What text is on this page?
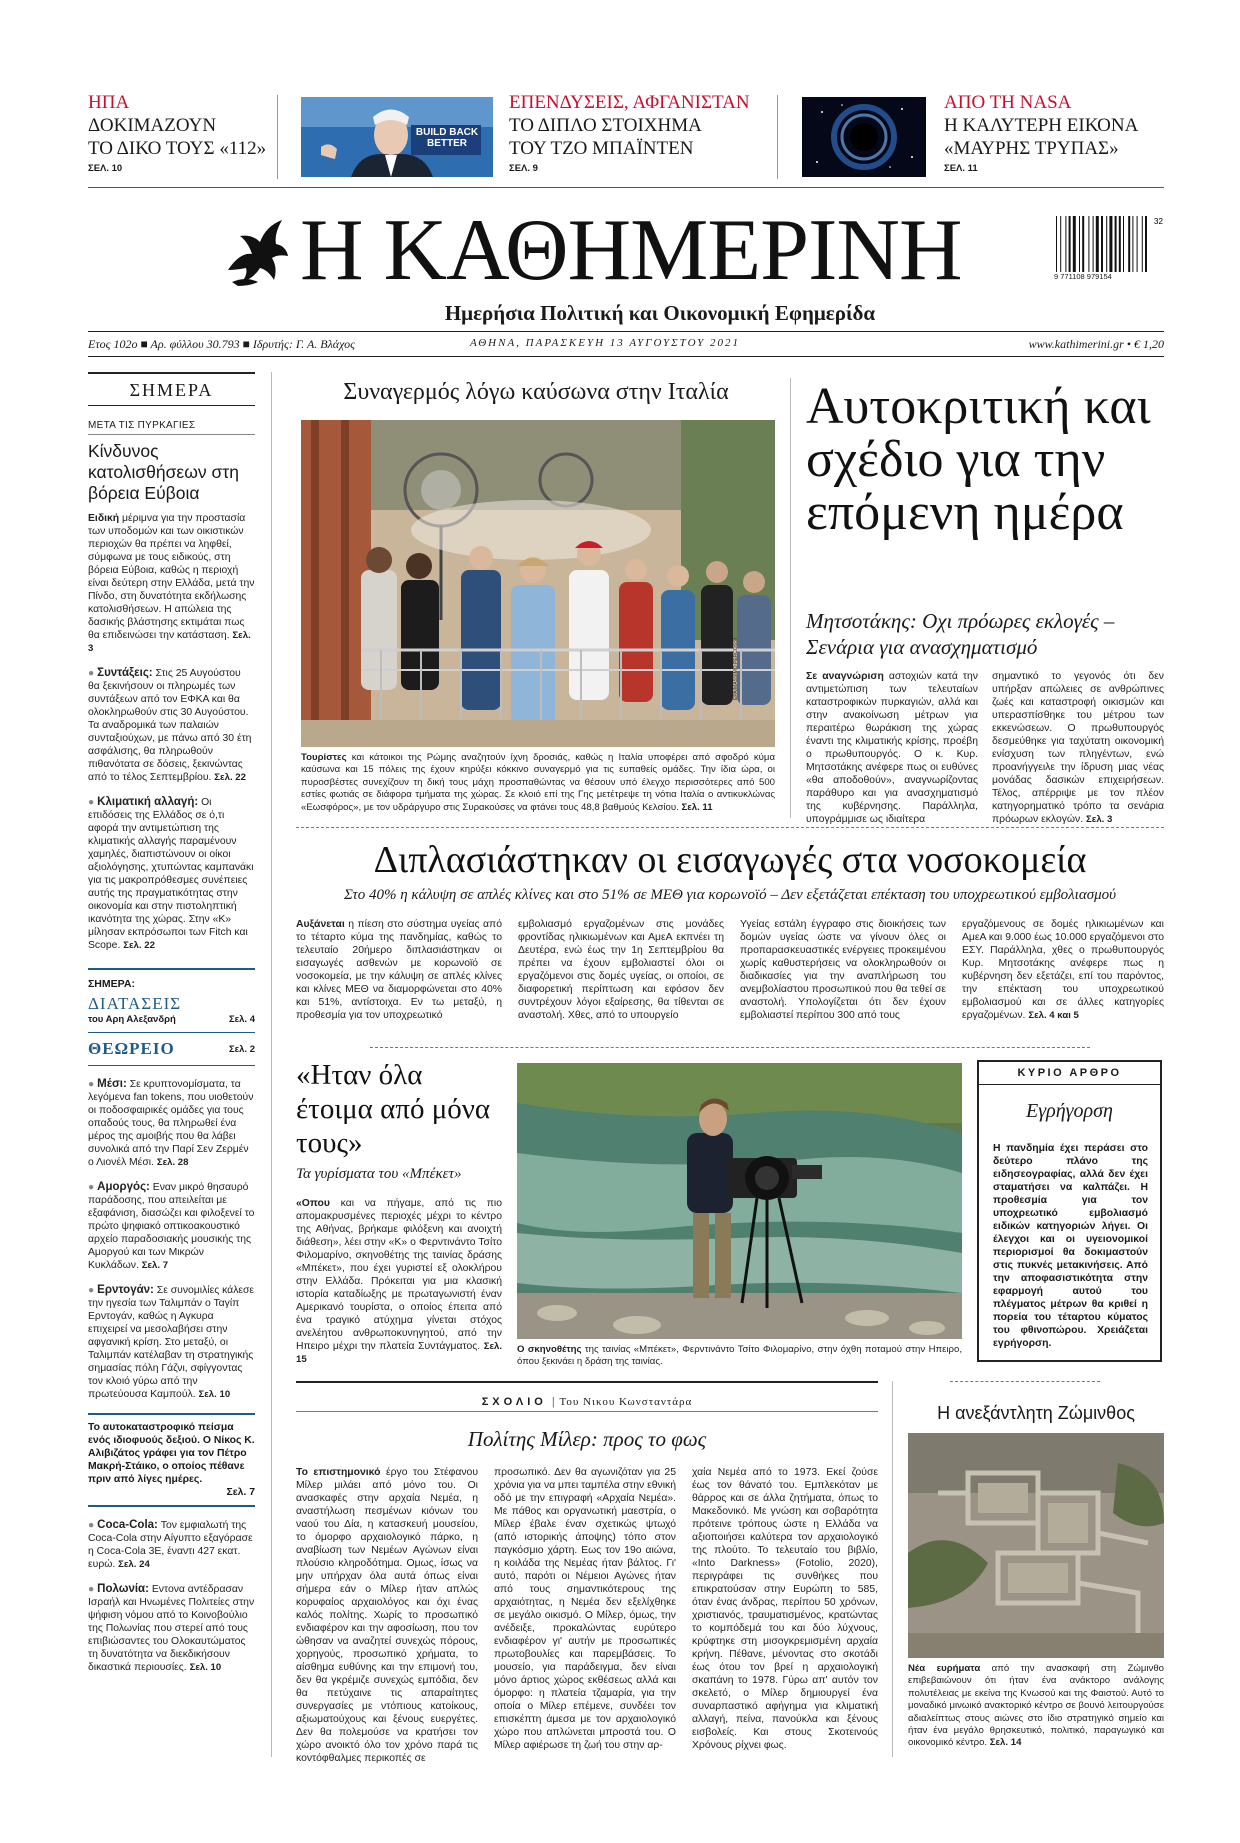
ΗΠΑ
ΔΟΚΙΜΑΖΟΥΝ
ΤΟ ΔΙΚΟ ΤΟΥΣ «112»
ΣΕΛ. 10
BUILD BACK BETTER
ΕΠΕΝΔΥΣΕΙΣ, ΑΦΓΑΝΙΣΤΑΝ
ΤΟ ΔΙΠΛΟ ΣΤΟΙΧΗΜΑ
ΤΟΥ ΤΖΟ ΜΠΑΪΝΤΕΝ
ΣΕΛ. 9
ΑΠΟ ΤΗ NASA
Η ΚΑΛΥΤΕΡΗ ΕΙΚΟΝΑ
«ΜΑΥΡΗΣ ΤΡΥΠΑΣ»
ΣΕΛ. 11
Η ΚΑΘΗΜΕΡΙΝΗ	32
9 771108 979154
Ημερήσια Πολιτική και Οικονομική Εφημερίδα
Ετος 102ο ■ Αρ. φύλλου 30.793 ■ Ιδρυτής: Γ. Α. Βλάχος	ΑΘΗΝΑ, ΠΑΡΑΣΚΕΥΗ 13 ΑΥΓΟΥΣΤΟΥ 2021	www.kathimerini.gr • € 1,20
ΣΗΜΕΡΑ
ΜΕΤΑ ΤΙΣ ΠΥΡΚΑΓΙΕΣ
Κίνδυνος κατολισθήσεων στη βόρεια Εύβοια
Ειδική μέριμνα για την προστασία των υποδομών και των οικιστικών περιοχών θα πρέπει να ληφθεί, σύμφωνα με τους ειδικούς, στη βόρεια Εύβοια, καθώς η περιοχή είναι δεύτερη στην Ελλάδα, μετά την Πίνδο, στη δυνατότητα εκδήλωσης κατολισθήσεων. Η απώλεια της δασικής βλάστησης εκτιμάται πως θα επιδεινώσει την κατάσταση. Σελ. 3
● Συντάξεις: Στις 25 Αυγούστου θα ξεκινήσουν οι πληρωμές των συντάξεων από τον ΕΦΚΑ και θα ολοκληρωθούν στις 30 Αυγούστου. Τα αναδρομικά των παλαιών συνταξιούχων, με πάνω από 30 έτη ασφάλισης, θα πληρωθούν πιθανότατα σε δόσεις, ξεκινώντας από το τέλος Σεπτεμβρίου. Σελ. 22
● Κλιματική αλλαγή: Οι επιδόσεις της Ελλάδος σε ό,τι αφορά την αντιμετώπιση της κλιματικής αλλαγής παραμένουν χαμηλές, διαπιστώνουν οι οίκοι αξιολόγησης, χτυπώντας καμπανάκι για τις μακροπρόθεσμες συνέπειες αυτής της πραγματικότητας στην οικονομία και στην πιστοληπτική ικανότητα της χώρας. Στην «Κ» μίλησαν εκπρόσωποι των Fitch και Scope. Σελ. 22
ΣΗΜΕΡΑ:
ΔΙΑΤΑΣΕΙΣ
του Αρη Αλεξανδρή	Σελ. 4
ΘΕΩΡΕΙΟ	Σελ. 2
● Μέσι: Σε κρυπτονομίσματα, τα λεγόμενα fan tokens, που υιοθετούν οι ποδοσφαιρικές ομάδες για τους οπαδούς τους, θα πληρωθεί ένα μέρος της αμοιβής που θα λάβει συνολικά από την Παρί Σεν Ζερμέν ο Λιονέλ Μέσι. Σελ. 28
● Αμοργός: Εναν μικρό θησαυρό παράδοσης, που απειλείται με εξαφάνιση, διασώζει και φιλοξενεί το πρώτο ψηφιακό οπτικοακουστικό αρχείο παραδοσιακής μουσικής της Αμοργού και των Μικρών Κυκλάδων. Σελ. 7
● Ερντογάν: Σε συνομιλίες κάλεσε την ηγεσία των Ταλιμπάν ο Ταγίπ Ερντογάν, καθώς η Αγκυρα επιχειρεί να μεσολαβήσει στην αφγανική κρίση. Στο μεταξύ, οι Ταλιμπάν κατέλαβαν τη στρατηγικής σημασίας πόλη Γάζνι, σφίγγοντας τον κλοιό γύρω από την πρωτεύουσα Καμπούλ. Σελ. 10
Το αυτοκαταστροφικό πείσμα ενός ιδιοφυούς δεξιού. Ο Νίκος Κ. Αλιβιζάτος γράφει για τον Πέτρο Μακρή-Στάικο, ο οποίος πέθανε πριν από λίγες ημέρες.
Σελ. 7
● Coca-Cola: Τον εμφιαλωτή της Coca-Cola στην Αίγυπτο εξαγόρασε η Coca-Cola 3E, έναντι 427 εκατ. ευρώ. Σελ. 24
● Πολωνία: Εντονα αντέδρασαν Ισραήλ και Ηνωμένες Πολιτείες στην ψήφιση νόμου από το Κοινοβούλιο της Πολωνίας που στερεί από τους επιβιώσαντες του Ολοκαυτώματος τη δυνατότητα να διεκδικήσουν δικαστικά περιουσίες. Σελ. 10
Συναγερμός λόγω καύσωνα στην Ιταλία
EPA/MASSIMO PERCOSSI
Τουρίστες και κάτοικοι της Ρώμης αναζητούν ίχνη δροσιάς, καθώς η Ιταλία υποφέρει από σφοδρό κύμα καύσωνα και 15 πόλεις της έχουν κηρύξει κόκκινο συναγερμό για τις ευπαθείς ομάδες. Την ίδια ώρα, οι πυροσβέστες συνεχίζουν τη δική τους μάχη προσπαθώντας να θέσουν υπό έλεγχο περισσότερες από 500 εστίες φωτιάς σε διάφορα τμήματα της χώρας. Σε κλοιό επί της Γης μετέτρεψε τη νότια Ιταλία ο αντικυκλώνας «Εωσφόρος», με τον υδράργυρο στις Συρακούσες να φτάνει τους 48,8 βαθμούς Κελσίου. Σελ. 11
Αυτοκριτική και σχέδιο για την επόμενη ημέρα
Μητσοτάκης: Οχι πρόωρες εκλογές – Σενάρια για ανασχηματισμό
Σε αναγνώριση αστοχιών κατά την αντιμετώπιση των τελευταίων καταστροφικών πυρκαγιών, αλλά και στην ανακοίνωση μέτρων για περαιτέρω θωράκιση της χώρας έναντι της κλιματικής κρίσης, προέβη ο πρωθυπουργός. Ο κ. Κυρ. Μητσοτάκης ανέφερε πως οι ευθύνες «θα αποδοθούν», αναγνωρίζοντας παράθυρο και για ανασχηματισμό της κυβέρνησης. Παράλληλα, υπογράμμισε ως ιδιαίτερα
σημαντικό το γεγονός ότι δεν υπήρξαν απώλειες σε ανθρώπινες ζωές και καταστροφή οικισμών και υπερασπίσθηκε του μέτρου των εκκενώσεων. Ο πρωθυπουργός δεσμεύθηκε για ταχύτατη οικονομική ενίσχυση των πληγέντων, ενώ προανήγγειλε την ίδρυση μιας νέας μονάδας δασικών επιχειρήσεων. Τέλος, απέρριψε με τον πλέον κατηγορηματικό τρόπο τα σενάρια πρόωρων εκλογών. Σελ. 3
Διπλασιάστηκαν οι εισαγωγές στα νοσοκομεία
Στο 40% η κάλυψη σε απλές κλίνες και στο 51% σε ΜΕΘ για κορωνοϊό – Δεν εξετάζεται επέκταση του υποχρεωτικού εμβολιασμού
Αυξάνεται η πίεση στο σύστημα υγείας από το τέταρτο κύμα της πανδημίας, καθώς το τελευταίο 20ήμερο διπλασιάστηκαν οι εισαγωγές ασθενών με κορωνοϊό σε νοσοκομεία, με την κάλυψη σε απλές κλίνες και κλίνες ΜΕΘ να διαμορφώνεται στο 40% και 51%, αντίστοιχα. Εν τω μεταξύ, η προθεσμία για τον υποχρεωτικό
εμβολιασμό εργαζομένων στις μονάδες φροντίδας ηλικιωμένων και ΑμεΑ εκπνέει τη Δευτέρα, ενώ έως την 1η Σεπτεμβρίου θα πρέπει να έχουν εμβολιαστεί όλοι οι εργαζόμενοι στις δομές υγείας, οι οποίοι, σε διαφορετική περίπτωση και εφόσον δεν συντρέχουν λόγοι εξαίρεσης, θα τίθενται σε αναστολή. Χθες, από το υπουργείο
Υγείας εστάλη έγγραφο στις διοικήσεις των δομών υγείας ώστε να γίνουν όλες οι προπαρασκευαστικές ενέργειες προκειμένου χωρίς καθυστερήσεις να ολοκληρωθούν οι διαδικασίες για την αναπλήρωση του ανεμβολίαστου προσωπικού που θα τεθεί σε αναστολή. Υπολογίζεται ότι δεν έχουν εμβολιαστεί περίπου 300 από τους
εργαζόμενους σε δομές ηλικιωμένων και ΑμεΑ και 9.000 έως 10.000 εργαζόμενοι στο ΕΣΥ. Παράλληλα, χθες ο πρωθυπουργός Κυρ. Μητσοτάκης ανέφερε πως η κυβέρνηση δεν εξετάζει, επί του παρόντος, την επέκταση του υποχρεωτικού εμβολιασμού και σε άλλες κατηγορίες εργαζομένων. Σελ. 4 και 5
«Ηταν όλα έτοιμα από μόνα τους»
Τα γυρίσματα του «Μπέκετ»
«Οπου και να πήγαμε, από τις πιο απομακρυσμένες περιοχές μέχρι το κέντρο της Αθήνας, βρήκαμε φιλόξενη και ανοιχτή διάθεση», λέει στην «Κ» ο Φερντινάντο Τσίτο Φιλομαρίνο, σκηνοθέτης της ταινίας δράσης «Μπέκετ», που έχει γυριστεί εξ ολοκλήρου στην Ελλάδα. Πρόκειται για μια κλασική ιστορία καταδίωξης με πρωταγωνιστή έναν Αμερικανό τουρίστα, ο οποίος έπειτα από ένα τραγικό ατύχημα γίνεται στόχος ανελέητου ανθρωποκυνηγητού, από την Ηπειρο μέχρι την πλατεία Συντάγματος. Σελ. 15
Ο σκηνοθέτης της ταινίας «Μπέκετ», Φερντινάντο Τσίτο Φιλομαρίνο, στην όχθη ποταμού στην Ηπειρο, όπου ξεκινάει η δράση της ταινίας.
ΚΥΡΙΟ ΑΡΘΡΟ
Εγρήγορση
Η πανδημία έχει περάσει στο δεύτερο πλάνο της ειδησεογραφίας, αλλά δεν έχει σταματήσει να καλπάζει. Η προθεσμία για τον υποχρεωτικό εμβολιασμό ειδικών κατηγοριών λήγει. Οι έλεγχοι και οι υγειονομικοί περιορισμοί θα δοκιμαστούν στις πυκνές μετακινήσεις. Από την αποφασιστικότητα στην εφαρμογή αυτού του πλέγματος μέτρων θα κριθεί η πορεία του τέταρτου κύματος του φθινοπώρου. Χρειάζεται εγρήγορση.
ΣΧΟΛΙΟ | Του Νικου Κωνσταντάρα
Πολίτης Μίλερ: προς το φως
Το επιστημονικό έργο του Στέφανου Μίλερ μιλάει από μόνο του. Οι ανασκαφές στην αρχαία Νεμέα, η αναστήλωση πεσμένων κιόνων του ναού του Δία, η κατασκευή μουσείου, το όμορφο αρχαιολογικό πάρκο, η αναβίωση των Νεμέων Αγώνων είναι πλούσιο κληροδότημα. Ομως, ίσως να μην υπήρχαν όλα αυτά όπως είναι σήμερα εάν ο Μίλερ ήταν απλώς κορυφαίος αρχαιολόγος και όχι ένας καλός πολίτης. Χωρίς το προσωπικό ενδιαφέρον και την αφοσίωση, που τον ώθησαν να αναζητεί συνεχώς πόρους, χορηγούς, προσωπικό χρήματα, το αίσθημα ευθύνης και την επιμονή του, δεν θα γκρέμιζε συνεχώς εμπόδια, δεν θα πετύχαινε τις απαραίτητες συνεργασίες με ντόπιους κατοίκους, αξιωματούχους και ξένους ευεργέτες. Δεν θα πολεμούσε να κρατήσει τον χώρο ανοικτό όλο τον χρόνο παρά τις κοντόφθαλμες περικοπές σε
προσωπικό. Δεν θα αγωνιζόταν για 25 χρόνια για να μπει ταμπέλα στην εθνική οδό με την επιγραφή «Αρχαία Νεμέα». Με πάθος και οργανωτική μαεστρία, ο Μίλερ έβαλε έναν σχετικώς ψτωχό (από ιστορικής άποψης) τόπο στον παγκόσμιο χάρτη. Εως τον 19ο αιώνα, η κοιλάδα της Νεμέας ήταν βάλτος. Γι' αυτό, παρότι οι Νέμειοι Αγώνες ήταν από τους σημαντικότερους της αρχαιότητας, η Νεμέα δεν εξελίχθηκε σε μεγάλο οικισμό. Ο Μίλερ, όμως, την ανέδειξε, προκαλώντας ευρύτερο ενδιαφέρον γι' αυτήν με προσωπικές πρωτοβουλίες και παρεμβάσεις. Το μουσείο, για παράδειγμα, δεν είναι μόνο άρτιος χώρος εκθέσεως αλλά και όμορφο: η πλατεία τζαμαρία, για την οποία ο Μίλερ επέμενε, συνδέει τον επισκέπτη άμεσα με τον αρχαιολογικό χώρο που απλώνεται μπροστά του. Ο Μίλερ αφιέρωσε τη ζωή του στην αρ-
χαία Νεμέα από το 1973. Εκεί ζούσε έως τον θάνατό του. Εμπλεκόταν με θάρρος και σε άλλα ζητήματα, όπως το Μακεδονικό. Με γνώση και σοβαρότητα πρότεινε τρόπους ώστε η Ελλάδα να αξιοποιήσει καλύτερα τον αρχαιολογικό της πλούτο. Το τελευταίο του βιβλίο, «Into Darkness» (Fotolio, 2020), περιγράφει τις συνθήκες που επικρατούσαν στην Ευρώπη το 585, όταν ένας άνδρας, περίπου 50 χρόνων, χριστιανός, τραυματισμένος, κρατώντας το κομπόδεμά του και δύο λύχνους, κρύφτηκε στη μισογκρεμισμένη αρχαία κρήνη. Πέθανε, μένοντας στο σκοτάδι έως ότου τον βρεί η αρχαιολογική σκαπάνη το 1978. Γύρω απ' αυτόν τον σκελετό, ο Μίλερ δημιουργεί ένα συναρπαστικό αφήγημα για κλιματική αλλαγή, πείνα, πανούκλα και ξένους εισβολείς. Και στους Σκοτεινούς Χρόνους ρίχνει φως.
Η ανεξάντλητη Ζώμινθος
Νέα ευρήματα από την ανασκαφή στη Ζώμινθο επιβεβαιώνουν ότι ήταν ένα ανάκτορο ανάλογης πολυτέλειας με εκείνα της Κνωσού και της Φαιστού. Αυτό το μοναδικό μινωικό ανακτορικό κέντρο σε βουνό λειτουργούσε αδιαλείπτως στους αιώνες στο ίδιο στρατηγικό σημείο και ήταν ένα μεγάλο θρησκευτικό, πολιτικό, παραγωγικό και οικονομικό κέντρο. Σελ. 14
